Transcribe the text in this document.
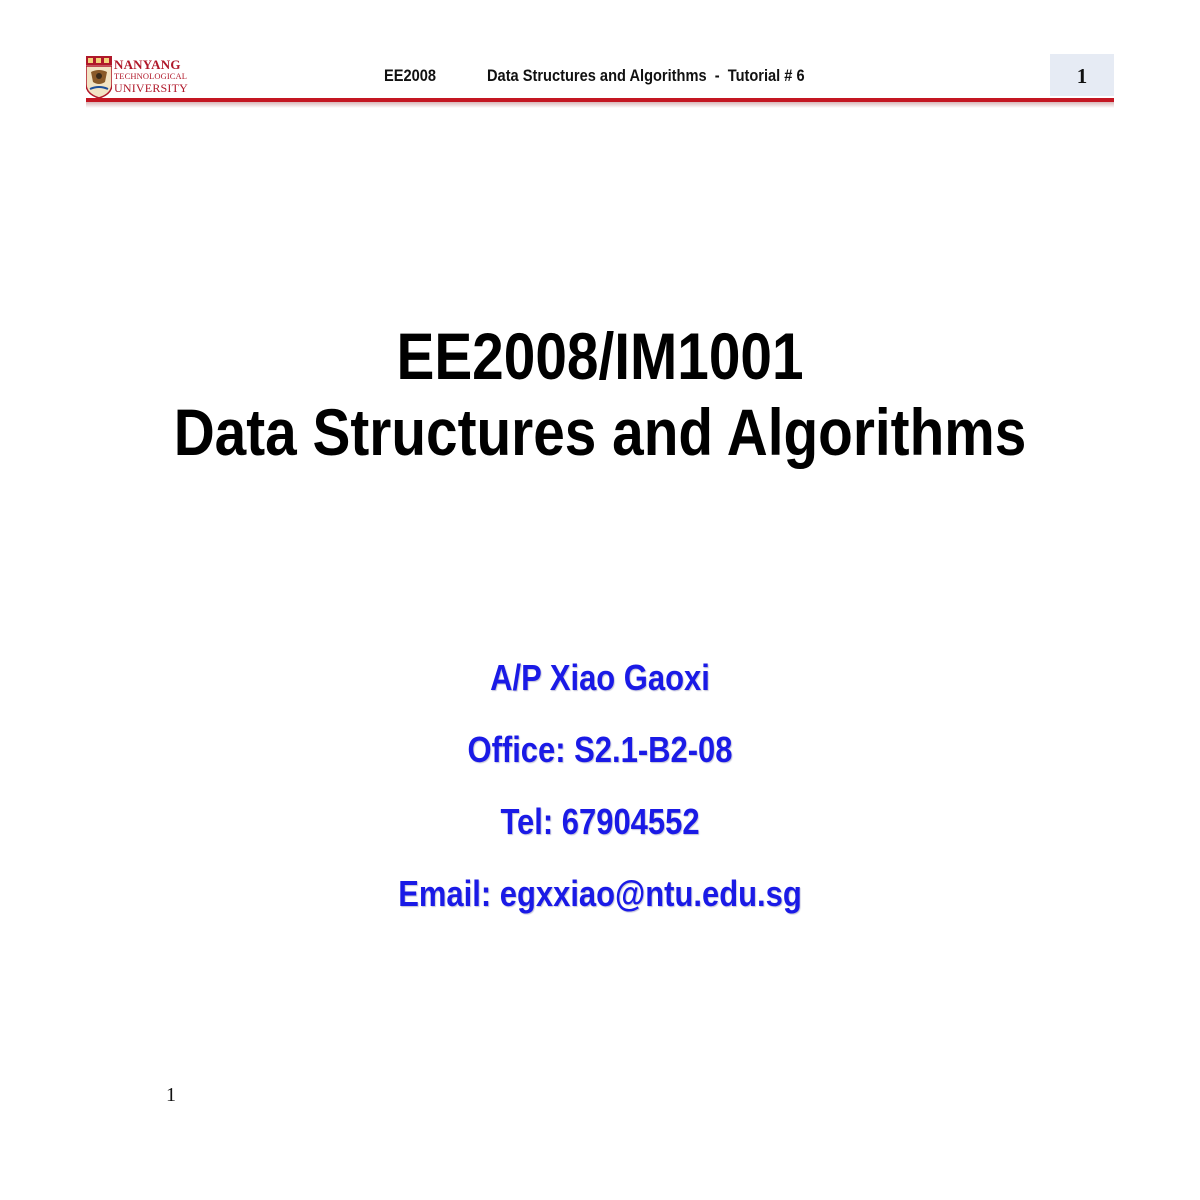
NANYANG
TECHNOLOGICAL
UNIVERSITY
EE2008	Data Structures and Algorithms  -  Tutorial # 6	1
EE2008/IM1001
Data Structures and Algorithms
A/P Xiao Gaoxi
Office: S2.1-B2-08
Tel: 67904552
Email: egxxiao@ntu.edu.sg
1
